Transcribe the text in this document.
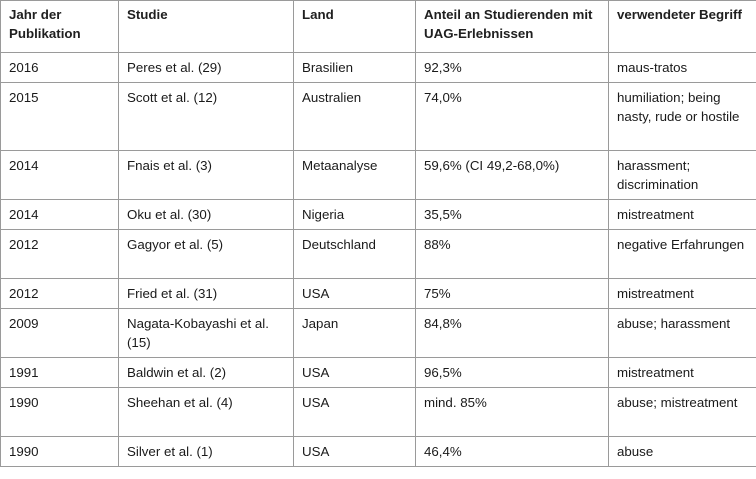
Jahr der Publikation	Studie	Land	Anteil an Studierenden mit UAG-Erlebnissen	verwendeter Begriff
2016	Peres et al. (29)	Brasilien	92,3%	maus-tratos
2015	Scott et al. (12)	Australien	74,0%	humiliation; being nasty, rude or hostile
2014	Fnais et al. (3)	Metaanalyse	59,6% (CI 49,2-68,0%)	harassment; discrimination
2014	Oku et al. (30)	Nigeria	35,5%	mistreatment
2012	Gagyor et al. (5)	Deutschland	88%	negative Erfahrungen
2012	Fried et al. (31)	USA	75%	mistreatment
2009	Nagata-Kobayashi et al. (15)	Japan	84,8%	abuse; harassment
1991	Baldwin et al. (2)	USA	96,5%	mistreatment
1990	Sheehan et al. (4)	USA	mind. 85%	abuse; mistreatment
1990	Silver et al. (1)	USA	46,4%	abuse
